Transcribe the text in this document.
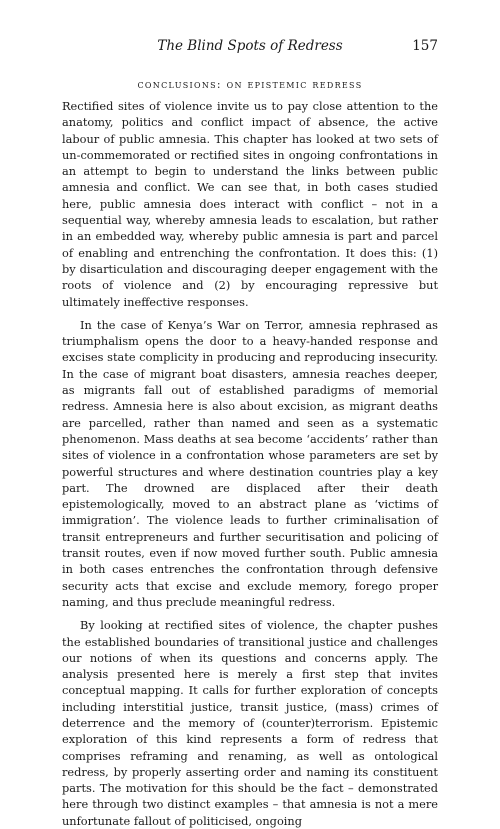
The Blind Spots of Redress	157
conclusions: on epistemic redress

Rectified sites of violence invite us to pay close attention to the anatomy, politics and conflict impact of absence, the active labour of public amnesia. This chapter has looked at two sets of un-commemorated or rectified sites in ongoing confrontations in an attempt to begin to understand the links between public amnesia and conflict. We can see that, in both cases studied here, public amnesia does interact with conflict – not in a sequential way, whereby amnesia leads to escalation, but rather in an embedded way, whereby public amnesia is part and parcel of enabling and entrenching the confrontation. It does this: (1) by disarticulation and discouraging deeper engagement with the roots of violence and (2) by encouraging repressive but ultimately ineffective responses.

In the case of Kenya’s War on Terror, amnesia rephrased as triumphalism opens the door to a heavy-handed response and excises state complicity in producing and reproducing insecurity. In the case of migrant boat disasters, amnesia reaches deeper, as migrants fall out of established paradigms of memorial redress. Amnesia here is also about excision, as migrant deaths are parcelled, rather than named and seen as a systematic phenomenon. Mass deaths at sea become ‘accidents’ rather than sites of violence in a confrontation whose parameters are set by powerful structures and where destination countries play a key part. The drowned are displaced after their death epistemologically, moved to an abstract plane as ‘victims of immigration’. The violence leads to further criminalisation of transit entrepreneurs and further securitisation and policing of transit routes, even if now moved further south. Public amnesia in both cases entrenches the confrontation through defensive security acts that excise and exclude memory, forego proper naming, and thus preclude meaningful redress.

By looking at rectified sites of violence, the chapter pushes the established boundaries of transitional justice and challenges our notions of when its questions and concerns apply. The analysis presented here is merely a first step that invites conceptual mapping. It calls for further exploration of concepts including interstitial justice, transit justice, (mass) crimes of deterrence and the memory of (counter)terrorism. Epistemic exploration of this kind represents a form of redress that comprises reframing and renaming, as well as ontological redress, by properly asserting order and naming its constituent parts. The motivation for this should be the fact – demonstrated here through two distinct examples – that amnesia is not a mere unfortunate fallout of politicised, ongoing
